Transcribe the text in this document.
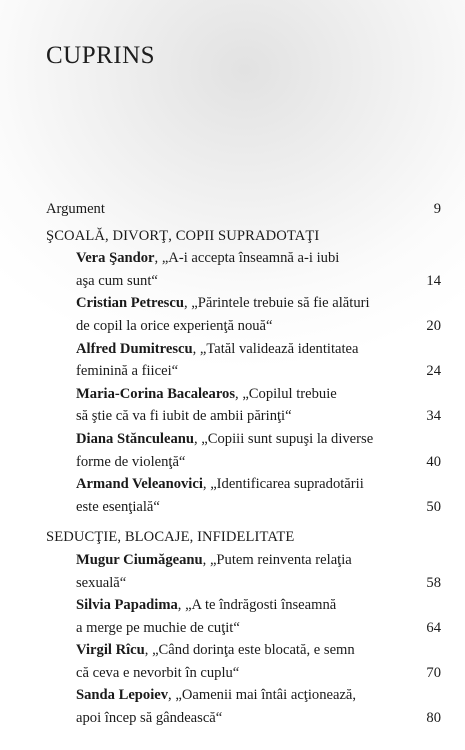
CUPRINS
Argument	9
ŞCOALĂ, DIVORŢ, COPII SUPRADOTAŢI
Vera Şandor, „A-i accepta înseamnă a-i iubi
aşa cum sunt“	14
Cristian Petrescu, „Părintele trebuie să fie alături
de copil la orice experienţă nouă“	20
Alfred Dumitrescu, „Tatăl validează identitatea
feminină a fiicei“	24
Maria-Corina Bacalearos, „Copilul trebuie
să ştie că va fi iubit de ambii părinţi“	34
Diana Stănculeanu, „Copiii sunt supuşi la diverse
forme de violenţă“	40
Armand Veleanovici, „Identificarea supradotării
este esenţială“	50
SEDUCŢIE, BLOCAJE, INFIDELITATE
Mugur Ciumăgeanu, „Putem reinventa relaţia
sexuală“	58
Silvia Papadima, „A te îndrăgosti înseamnă
a merge pe muchie de cuţit“	64
Virgil Rîcu, „Când dorinţa este blocată, e semn
că ceva e nevorbit în cuplu“	70
Sanda Lepoiev, „Oamenii mai întâi acţionează,
apoi încep să gândească“	80
